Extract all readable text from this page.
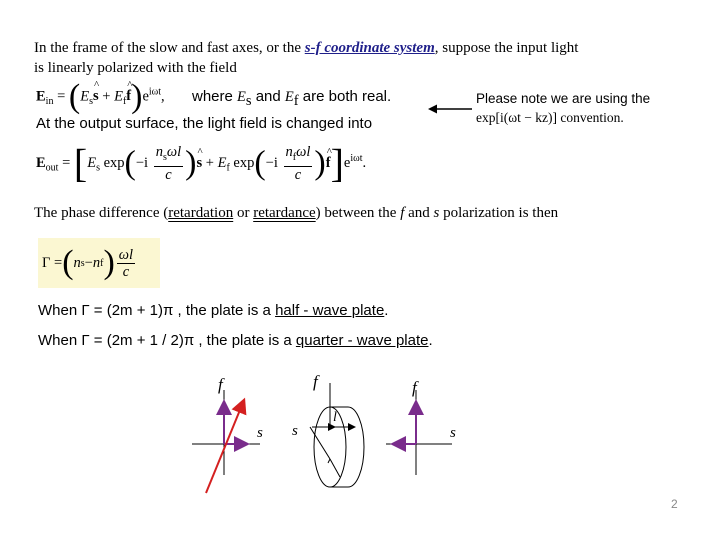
In the frame of the slow and fast axes, or the s-f coordinate system, suppose the input light
is linearly polarized with the field
$E_{in}$ = ($E_s\^{}$ $s + E_f\^{}$ $f)e^{i\omega t}$, where $E_s$ and $E_f$ are both real.	Please note we are using the
exp[i(ωt − kz)] convention.
At the output surface, the light field is changed into
$E_{out} = [E_s$ $\exp(-i \frac{n_s\omega l}{c}$ )^ $s + E_f$ $\exp(-i \frac{n_f\omega l}{c}$ )^ $f]e^{i\omega t}$.
The phase difference (retardation or retardance) between the f and s polarization is then
Γ = ( n s − n f ) $\frac{\omega l}{c}$
When Γ = (2m + 1)π , the plate is a half - wave plate.
When Γ = (2m + 1 / 2)π , the plate is a quarter - wave plate.
f
s
f
s
l
f
s
2
